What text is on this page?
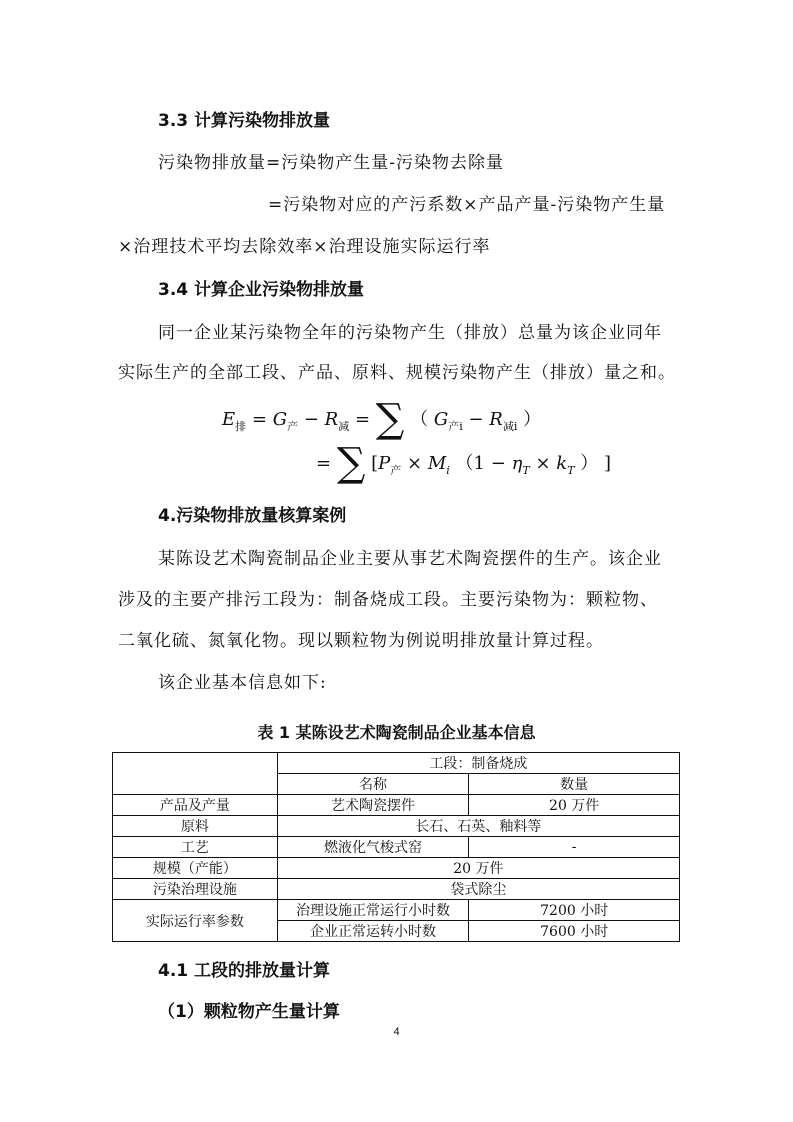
3.3 计算污染物排放量
污染物排放量=污染物产生量-污染物去除量
=污染物对应的产污系数×产品产量-污染物产生量
×治理技术平均去除效率×治理设施实际运行率
3.4 计算企业污染物排放量
同一企业某污染物全年的污染物产生（排放）总量为该企业同年
实际生产的全部工段、产品、原料、规模污染物产生（排放）量之和。
$E_排 = G_产 - R_减$ = ∑ （ $G_{产i} - R_{减i}$ ）
= ∑ [$P_产 \times M_i$ （$1 - \eta_T \times k_T$ ） ]
4.污染物排放量核算案例
某陈设艺术陶瓷制品企业主要从事艺术陶瓷摆件的生产。该企业
涉及的主要产排污工段为：制备烧成工段。主要污染物为：颗粒物、
二氧化硫、氮氧化物。现以颗粒物为例说明排放量计算过程。
该企业基本信息如下:
表 1 某陈设艺术陶瓷制品企业基本信息
	工段：制备烧成	
	名称	数量
产品及产量	艺术陶瓷摆件	20 万件
原料	长石、石英、釉料等	
工艺	燃液化气梭式窑	-
规模（产能）	20 万件	
污染治理设施	袋式除尘	
实际运行率参数	治理设施正常运行小时数	7200 小时
	企业正常运转小时数	7600 小时
4.1 工段的排放量计算
（1）颗粒物产生量计算
4
